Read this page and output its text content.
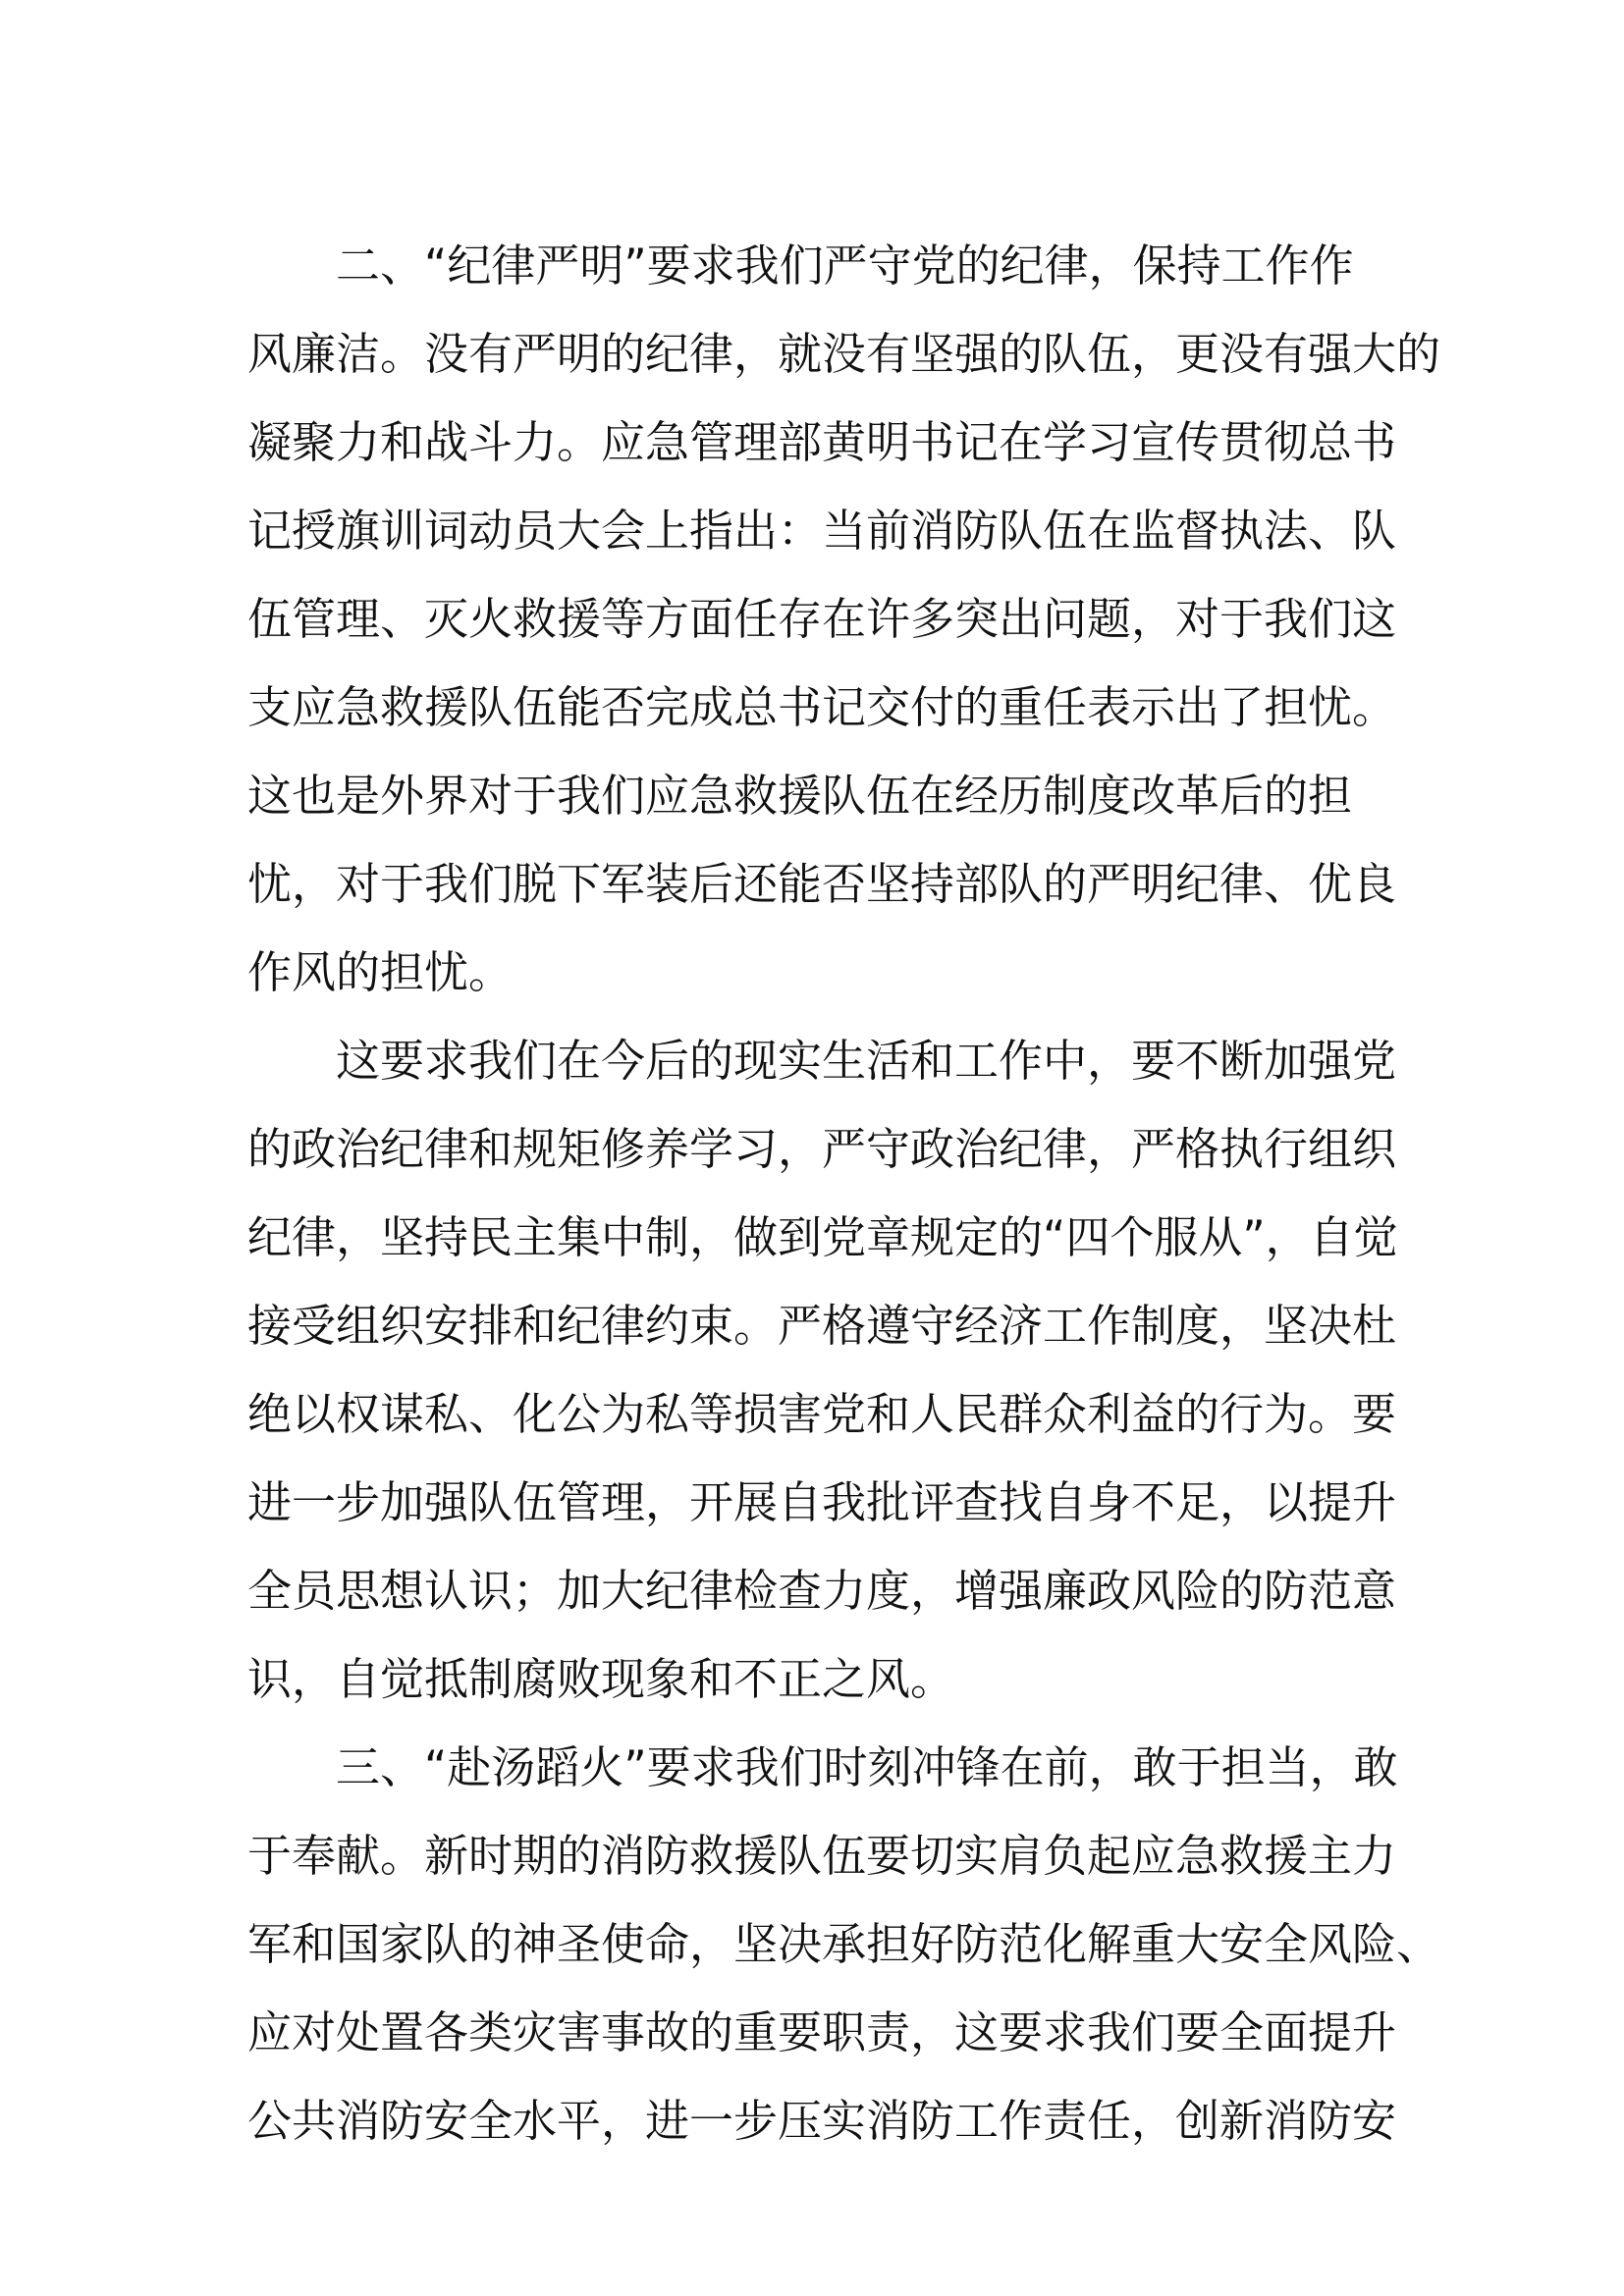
二、“纪律严明”要求我们严守党的纪律，保持工作作
风廉洁。没有严明的纪律，就没有坚强的队伍，更没有强大的
凝聚力和战斗力。应急管理部黄明书记在学习宣传贯彻总书
记授旗训词动员大会上指出：当前消防队伍在监督执法、队
伍管理、灭火救援等方面任存在许多突出问题，对于我们这
支应急救援队伍能否完成总书记交付的重任表示出了担忧。
这也是外界对于我们应急救援队伍在经历制度改革后的担
忧，对于我们脱下军装后还能否坚持部队的严明纪律、优良
作风的担忧。
这要求我们在今后的现实生活和工作中，要不断加强党
的政治纪律和规矩修养学习，严守政治纪律，严格执行组织
纪律，坚持民主集中制，做到党章规定的“四个服从”，自觉
接受组织安排和纪律约束。严格遵守经济工作制度，坚决杜
绝以权谋私、化公为私等损害党和人民群众利益的行为。要
进一步加强队伍管理，开展自我批评查找自身不足，以提升
全员思想认识；加大纪律检查力度，增强廉政风险的防范意
识，自觉抵制腐败现象和不正之风。
三、“赴汤蹈火”要求我们时刻冲锋在前，敢于担当，敢
于奉献。新时期的消防救援队伍要切实肩负起应急救援主力
军和国家队的神圣使命，坚决承担好防范化解重大安全风险、
应对处置各类灾害事故的重要职责，这要求我们要全面提升
公共消防安全水平，进一步压实消防工作责任，创新消防安
